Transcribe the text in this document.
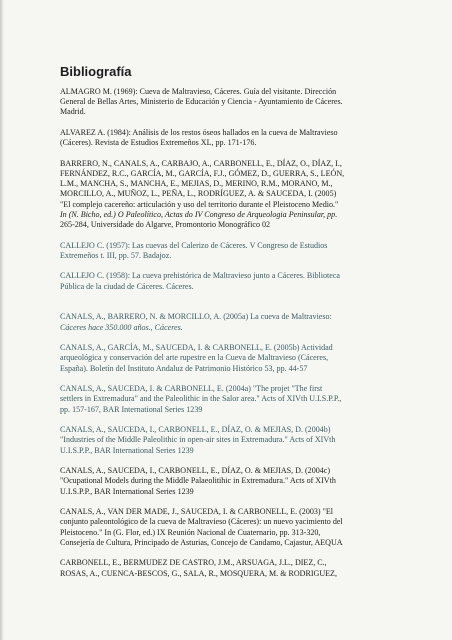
Bibliografía

ALMAGRO M. (1969): Cueva de Maltravieso, Cáceres. Guía del visitante. Dirección
General de Bellas Artes, Ministerio de Educación y Ciencia - Ayuntamiento de Cáceres.
Madrid.

ALVAREZ A. (1984): Análisis de los restos óseos hallados en la cueva de Maltravieso
(Cáceres). Revista de Estudios Extremeños XL, pp. 171-176.

BARRERO, N., CANALS, A., CARBAJO, A., CARBONELL, E., DÍAZ, O., DÍAZ, I.,
FERNÁNDEZ, R.C., GARCÍA, M., GARCÍA, F.J., GÓMEZ, D., GUERRA, S., LEÓN,
L.M., MANCHA, S., MANCHA, E., MEJIAS, D., MERINO, R.M., MORANO, M.,
MORCILLO, A., MUÑOZ, L., PEÑA, L., RODRÍGUEZ, A. & SAUCEDA, I. (2005)
"El complejo cacereño: articulación y uso del territorio durante el Pleistoceno Medio."
In (N. Bicho, ed.) O Paleolítico, Actas do IV Congreso de Arqueologia Peninsular, pp.
265-284, Universidade do Algarve, Promontorio Monográfico 02

CALLEJO C. (1957): Las cuevas del Calerizo de Cáceres. V Congreso de Estudios
Extremeños t. III, pp. 57. Badajoz.

CALLEJO C. (1958): La cueva prehistórica de Maltravieso junto a Cáceres. Biblioteca
Pública de la ciudad de Cáceres. Cáceres.

CANALS, A., BARRERO, N. & MORCILLO, A. (2005a) La cueva de Maltravieso:
Cáceres hace 350.000 años., Cáceres.

CANALS, A., GARCÍA, M., SAUCEDA, I. & CARBONELL, E. (2005b) Actividad
arqueológica y conservación del arte rupestre en la Cueva de Maltravieso (Cáceres,
España). Boletín del Instituto Andaluz de Patrimonio Histórico 53, pp. 44-57

CANALS, A., SAUCEDA, I. & CARBONELL, E. (2004a) "The projet "The first
settlers in Extremadura" and the Paleolithic in the Salor area." Acts of XIVth U.I.S.P.P.,
pp. 157-167, BAR International Series 1239

CANALS, A., SAUCEDA, I., CARBONELL, E., DÍAZ, O. & MEJIAS, D. (2004b)
"Industries of the Middle Paleolithic in open-air sites in Extremadura." Acts of XIVth
U.I.S.P.P., BAR International Series 1239

CANALS, A., SAUCEDA, I., CARBONELL, E., DÍAZ, O. & MEJIAS, D. (2004c)
"Ocupational Models during the Middle Palaeolitihic in Extremadura." Acts of XIVth
U.I.S.P.P., BAR International Series 1239

CANALS, A., VAN DER MADE, J., SAUCEDA, I. & CARBONELL, E. (2003) "El
conjunto paleontológico de la cueva de Maltravieso (Cáceres): un nuevo yacimiento del
Pleistoceno." In (G. Flor, ed.) IX Reunión Nacional de Cuaternario, pp. 313-320,
Consejería de Cultura, Principado de Asturias, Concejo de Candamo, Cajastur, AEQUA

CARBONELL, E., BERMUDEZ DE CASTRO, J.M., ARSUAGA, J.L., DIEZ, C.,
ROSAS, A., CUENCA-BESCOS, G., SALA, R., MOSQUERA, M. & RODRIGUEZ,
